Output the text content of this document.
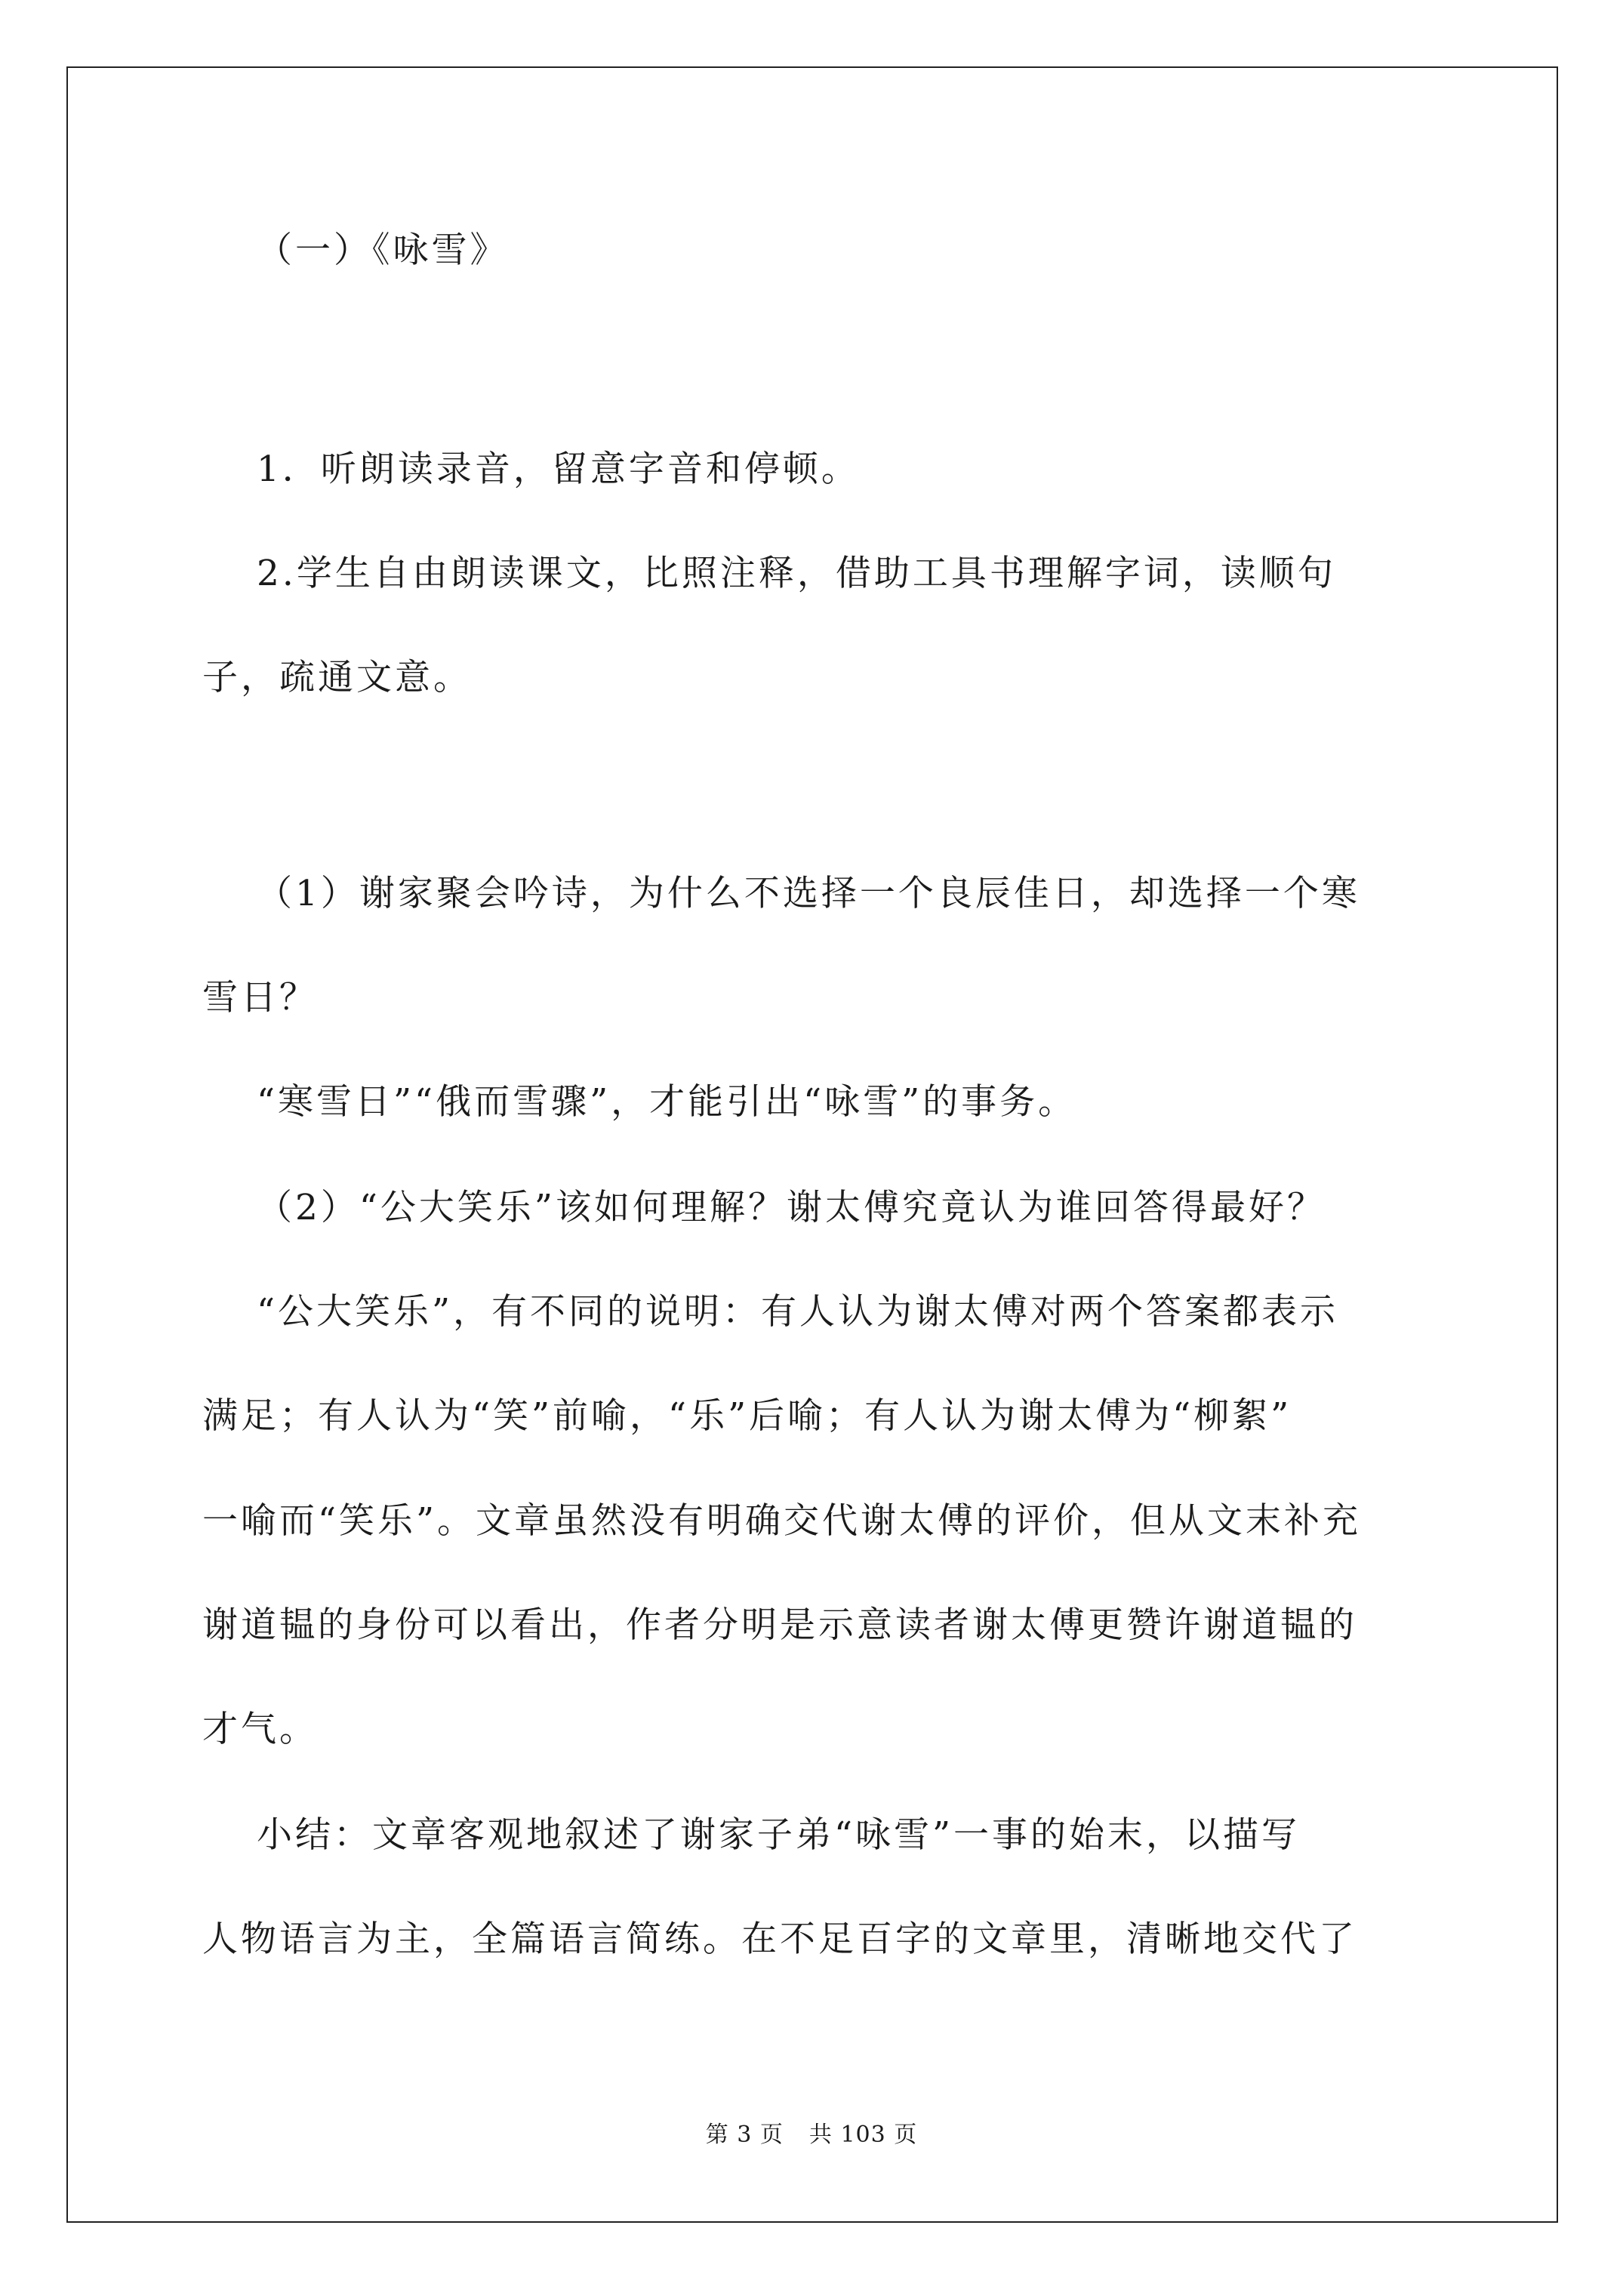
（一）《咏雪》
1．听朗读录音，留意字音和停顿。
2.学生自由朗读课文，比照注释，借助工具书理解字词，读顺句
子，疏通文意。
（1）谢家聚会吟诗，为什么不选择一个良辰佳日，却选择一个寒
雪日？
“寒雪日”“俄而雪骤”，才能引出“咏雪”的事务。
（2）“公大笑乐”该如何理解？谢太傅究竟认为谁回答得最好？
“公大笑乐”，有不同的说明：有人认为谢太傅对两个答案都表示
满足；有人认为“笑”前喻，“乐”后喻；有人认为谢太傅为“柳絮”
一喻而“笑乐”。文章虽然没有明确交代谢太傅的评价，但从文末补充
谢道韫的身份可以看出，作者分明是示意读者谢太傅更赞许谢道韫的
才气。
小结：文章客观地叙述了谢家子弟“咏雪”一事的始末，以描写
人物语言为主，全篇语言简练。在不足百字的文章里，清晰地交代了
第 3 页 共 103 页
